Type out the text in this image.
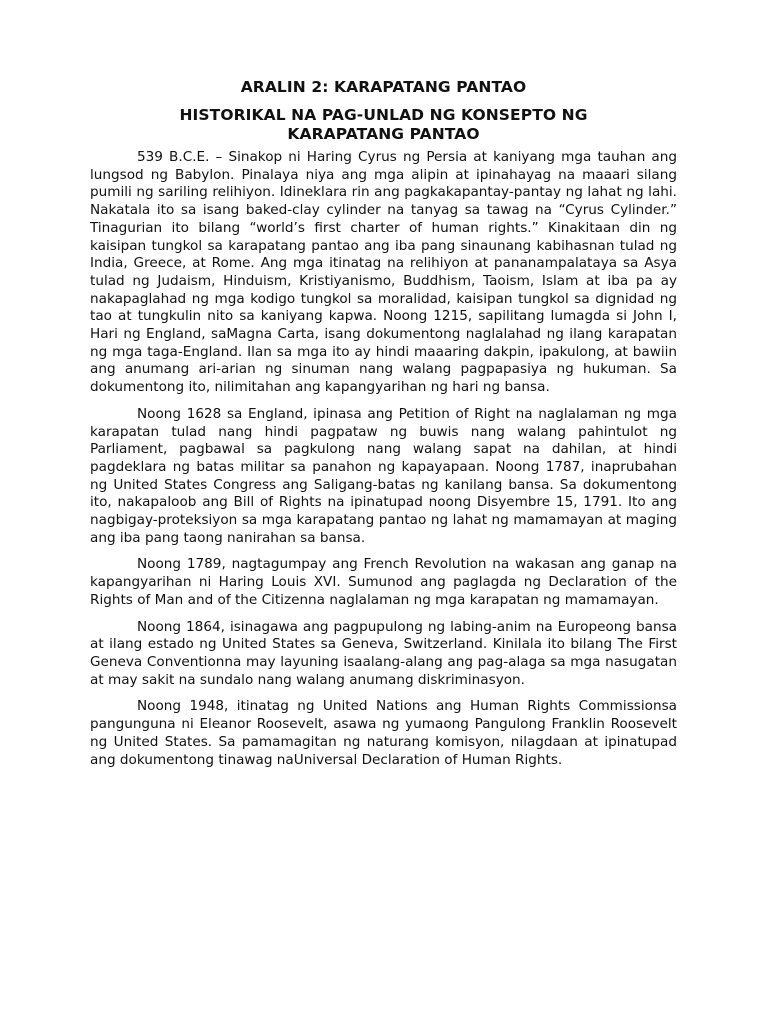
ARALIN 2: KARAPATANG PANTAO
HISTORIKAL NA PAG-UNLAD NG KONSEPTO NG
KARAPATANG PANTAO

539 B.C.E. – Sinakop ni Haring Cyrus ng Persia at kaniyang mga tauhan ang lungsod ng Babylon. Pinalaya niya ang mga alipin at ipinahayag na maaari silang pumili ng sariling relihiyon. Idineklara rin ang pagkakapantay-pantay ng lahat ng lahi. Nakatala ito sa isang baked-clay cylinder na tanyag sa tawag na “Cyrus Cylinder.” Tinagurian ito bilang “world’s first charter of human rights.” Kinakitaan din ng kaisipan tungkol sa karapatang pantao ang iba pang sinaunang kabihasnan tulad ng India, Greece, at Rome. Ang mga itinatag na relihiyon at pananampalataya sa Asya tulad ng Judaism, Hinduism, Kristiyanismo, Buddhism, Taoism, Islam at iba pa ay nakapaglahad ng mga kodigo tungkol sa moralidad, kaisipan tungkol sa dignidad ng tao at tungkulin nito sa kaniyang kapwa. Noong 1215, sapilitang lumagda si John I, Hari ng England, saMagna Carta, isang dokumentong naglalahad ng ilang karapatan ng mga taga-England. Ilan sa mga ito ay hindi maaaring dakpin, ipakulong, at bawiin ang anumang ari-arian ng sinuman nang walang pagpapasiya ng hukuman. Sa dokumentong ito, nilimitahan ang kapangyarihan ng hari ng bansa.

Noong 1628 sa England, ipinasa ang Petition of Right na naglalaman ng mga karapatan tulad nang hindi pagpataw ng buwis nang walang pahintulot ng Parliament, pagbawal sa pagkulong nang walang sapat na dahilan, at hindi pagdeklara ng batas militar sa panahon ng kapayapaan. Noong 1787, inaprubahan ng United States Congress ang Saligang-batas ng kanilang bansa. Sa dokumentong ito, nakapaloob ang Bill of Rights na ipinatupad noong Disyembre 15, 1791. Ito ang nagbigay-proteksiyon sa mga karapatang pantao ng lahat ng mamamayan at maging ang iba pang taong nanirahan sa bansa.

Noong 1789, nagtagumpay ang French Revolution na wakasan ang ganap na kapangyarihan ni Haring Louis XVI. Sumunod ang paglagda ng Declaration of the Rights of Man and of the Citizenna naglalaman ng mga karapatan ng mamamayan.

Noong 1864, isinagawa ang pagpupulong ng labing-anim na Europeong bansa at ilang estado ng United States sa Geneva, Switzerland. Kinilala ito bilang The First Geneva Conventionna may layuning isaalang-alang ang pag-alaga sa mga nasugatan at may sakit na sundalo nang walang anumang diskriminasyon.

Noong 1948, itinatag ng United Nations ang Human Rights Commissionsa pangunguna ni Eleanor Roosevelt, asawa ng yumaong Pangulong Franklin Roosevelt ng United States. Sa pamamagitan ng naturang komisyon, nilagdaan at ipinatupad ang dokumentong tinawag naUniversal Declaration of Human Rights.
